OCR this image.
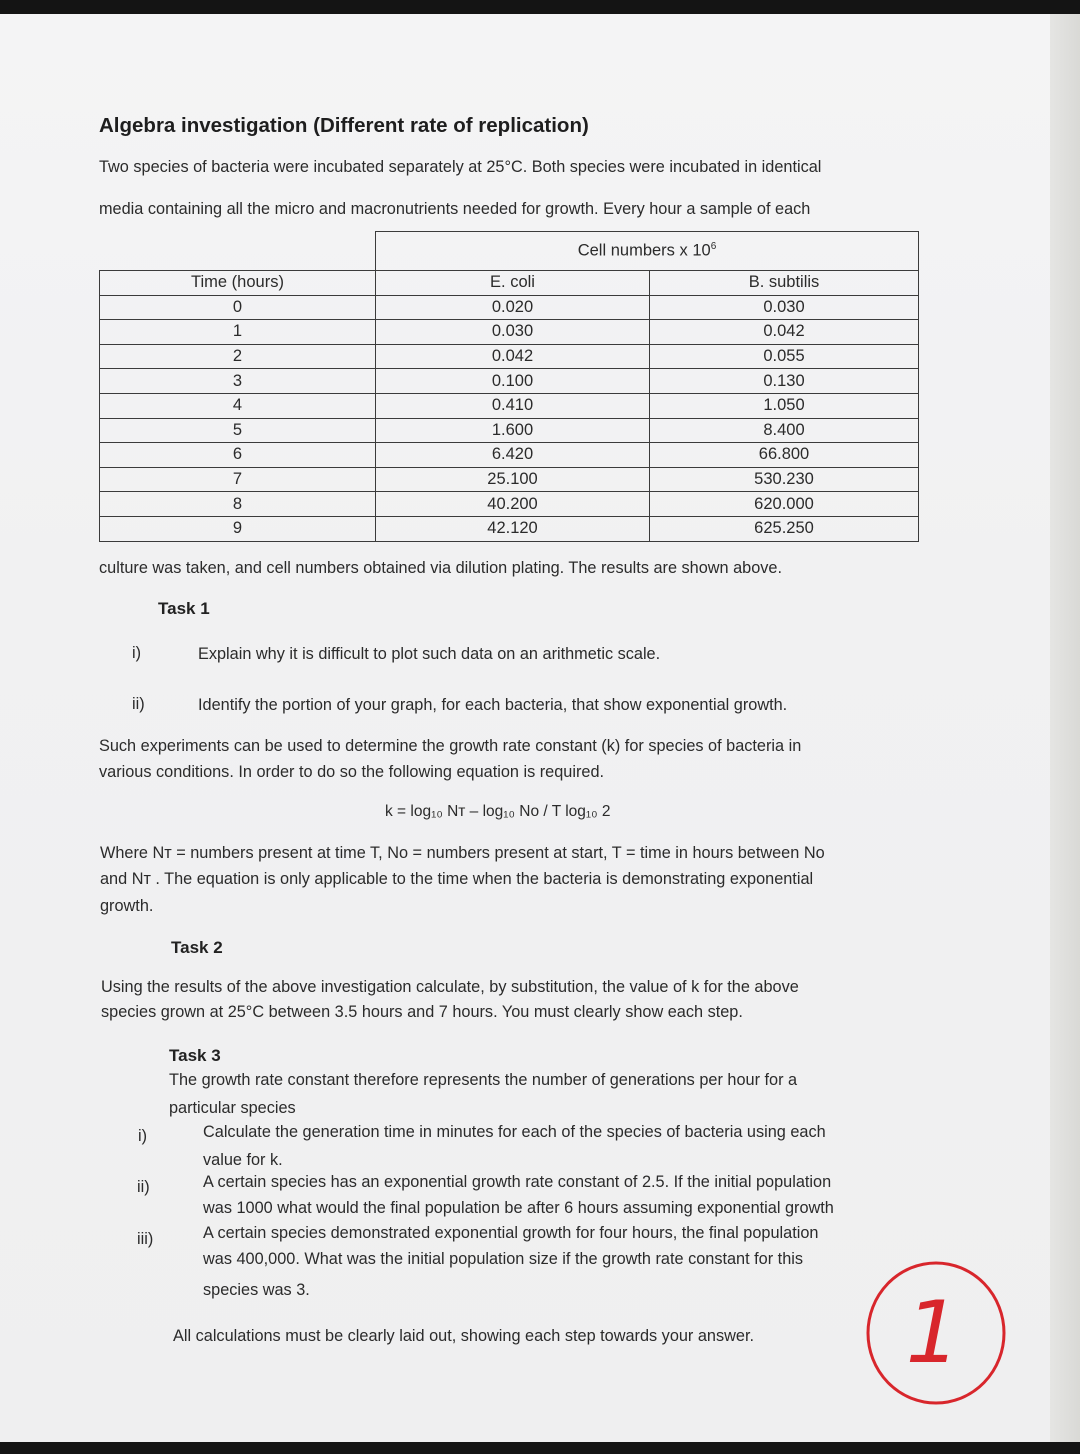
Algebra investigation (Different rate of replication)
Two species of bacteria were incubated separately at 25°C. Both species were incubated in identical
media containing all the micro and macronutrients needed for growth. Every hour a sample of each
	Cell numbers x $10^6$
Time (hours)	E. coli	B. subtilis
0	0.020	0.030
1	0.030	0.042
2	0.042	0.055
3	0.100	0.130
4	0.410	1.050
5	1.600	8.400
6	6.420	66.800
7	25.100	530.230
8	40.200	620.000
9	42.120	625.250
culture was taken, and cell numbers obtained via dilution plating. The results are shown above.
Task 1
i)	Explain why it is difficult to plot such data on an arithmetic scale.
ii)	Identify the portion of your graph, for each bacteria, that show exponential growth.
Such experiments can be used to determine the growth rate constant (k) for species of bacteria in
various conditions. In order to do so the following equation is required.
k = log₁₀ Nᴛ – log₁₀ Nᴏ / T log₁₀ 2
Where Nᴛ = numbers present at time T, Nᴏ = numbers present at start, T = time in hours between Nᴏ
and Nᴛ . The equation is only applicable to the time when the bacteria is demonstrating exponential
growth.
Task 2
Using the results of the above investigation calculate, by substitution, the value of k for the above
species grown at 25°C between 3.5 hours and 7 hours. You must clearly show each step.
Task 3
The growth rate constant therefore represents the number of generations per hour for a
particular species
i)	Calculate the generation time in minutes for each of the species of bacteria using each
value for k.
ii)	A certain species has an exponential growth rate constant of 2.5. If the initial population
was 1000 what would the final population be after 6 hours assuming exponential growth
iii)	A certain species demonstrated exponential growth for four hours, the final population
was 400,000. What was the initial population size if the growth rate constant for this
species was 3.
All calculations must be clearly laid out, showing each step towards your answer. 1
